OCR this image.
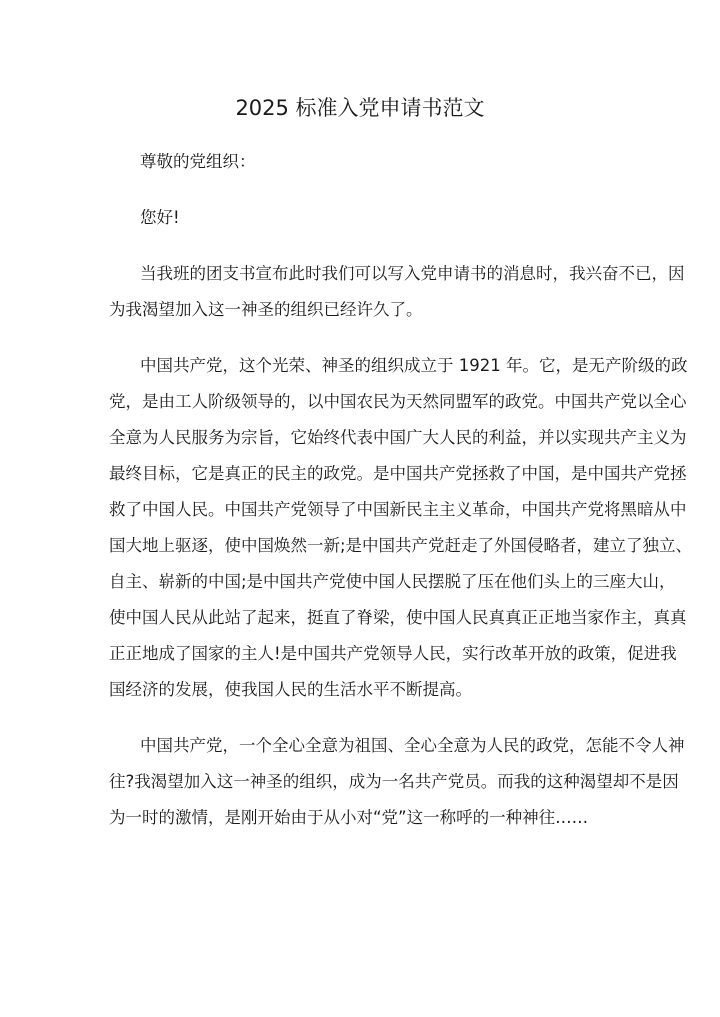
2025 标准入党申请书范文
尊敬的党组织：
您好!
当我班的团支书宣布此时我们可以写入党申请书的消息时，我兴奋不已，因
为我渴望加入这一神圣的组织已经许久了。
中国共产党，这个光荣、神圣的组织成立于 1921 年。它，是无产阶级的政
党，是由工人阶级领导的，以中国农民为天然同盟军的政党。中国共产党以全心
全意为人民服务为宗旨，它始终代表中国广大人民的利益，并以实现共产主义为
最终目标，它是真正的民主的政党。是中国共产党拯救了中国，是中国共产党拯
救了中国人民。中国共产党领导了中国新民主主义革命，中国共产党将黑暗从中
国大地上驱逐，使中国焕然一新;是中国共产党赶走了外国侵略者，建立了独立、
自主、崭新的中国;是中国共产党使中国人民摆脱了压在他们头上的三座大山，
使中国人民从此站了起来，挺直了脊梁，使中国人民真真正正地当家作主，真真
正正地成了国家的主人!是中国共产党领导人民，实行改革开放的政策，促进我
国经济的发展，使我国人民的生活水平不断提高。
中国共产党，一个全心全意为祖国、全心全意为人民的政党，怎能不令人神
往?我渴望加入这一神圣的组织，成为一名共产党员。而我的这种渴望却不是因
为一时的激情，是刚开始由于从小对“党”这一称呼的一种神往……
